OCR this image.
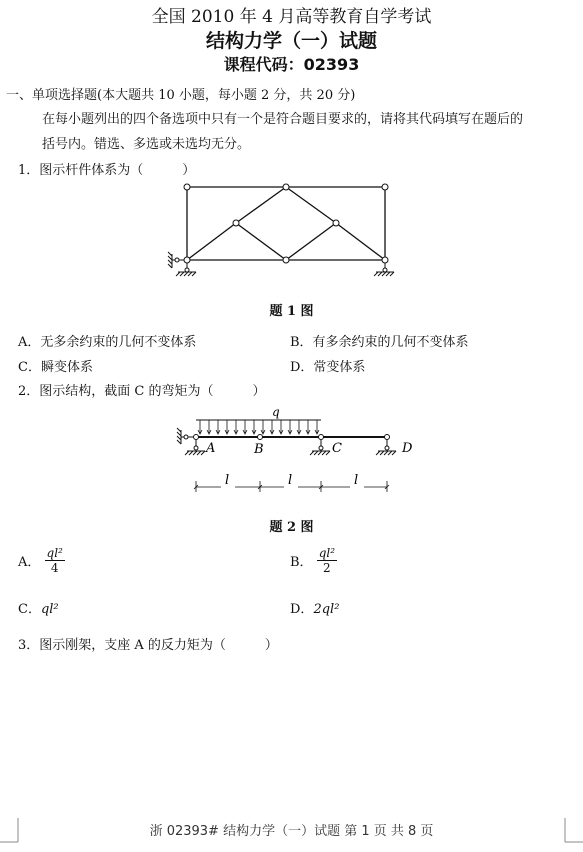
全国 2010 年 4 月高等教育自学考试
结构力学（一）试题
课程代码：02393
一、单项选择题(本大题共 10 小题，每小题 2 分，共 20 分)
在每小题列出的四个备选项中只有一个是符合题目要求的，请将其代码填写在题后的
括号内。错选、多选或未选均无分。
1．图示杆件体系为（　　　）
题 1 图
A．无多余约束的几何不变体系	B．有多余约束的几何不变体系
C．瞬变体系	D．常变体系
2．图示结构，截面 C 的弯矩为（　　　）
q
A	B	C	D
l	l	l
题 2 图
A． $\frac{\text{ql²}}{4}$	B． $\frac{\text{ql²}}{2}$
C．ql²	D．2ql²
3．图示刚架，支座 A 的反力矩为（　　　）
浙 02393# 结构力学（一）试题 第 1 页 共 8 页
